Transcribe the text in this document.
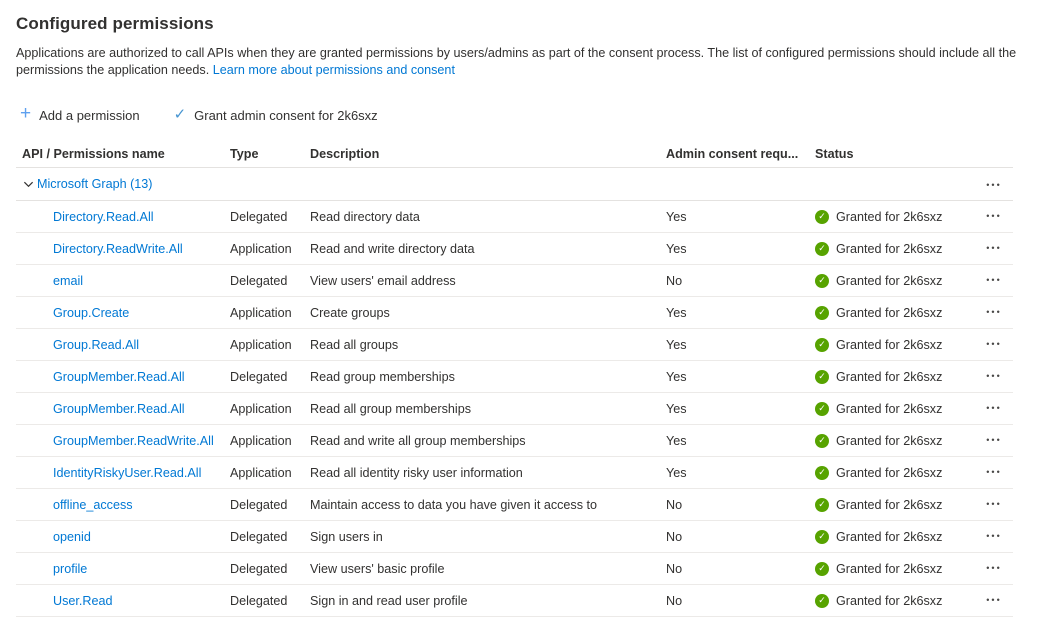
Configured permissions
Applications are authorized to call APIs when they are granted permissions by users/admins as part of the consent process. The list of configured permissions should include all the permissions the application needs. Learn more about permissions and consent
+ Add a permission ✓ Grant admin consent for 2k6sxz
API / Permissions name	Type	Description	Admin consent requ...	Status
Microsoft Graph (13)	•••
Directory.Read.All	Delegated	Read directory data	Yes	✓ Granted for 2k6sxz	•••
Directory.ReadWrite.All	Application	Read and write directory data	Yes	✓ Granted for 2k6sxz	•••
email	Delegated	View users' email address	No	✓ Granted for 2k6sxz	•••
Group.Create	Application	Create groups	Yes	✓ Granted for 2k6sxz	•••
Group.Read.All	Application	Read all groups	Yes	✓ Granted for 2k6sxz	•••
GroupMember.Read.All	Delegated	Read group memberships	Yes	✓ Granted for 2k6sxz	•••
GroupMember.Read.All	Application	Read all group memberships	Yes	✓ Granted for 2k6sxz	•••
GroupMember.ReadWrite.All	Application	Read and write all group memberships	Yes	✓ Granted for 2k6sxz	•••
IdentityRiskyUser.Read.All	Application	Read all identity risky user information	Yes	✓ Granted for 2k6sxz	•••
offline_access	Delegated	Maintain access to data you have given it access to	No	✓ Granted for 2k6sxz	•••
openid	Delegated	Sign users in	No	✓ Granted for 2k6sxz	•••
profile	Delegated	View users' basic profile	No	✓ Granted for 2k6sxz	•••
User.Read	Delegated	Sign in and read user profile	No	✓ Granted for 2k6sxz	•••
